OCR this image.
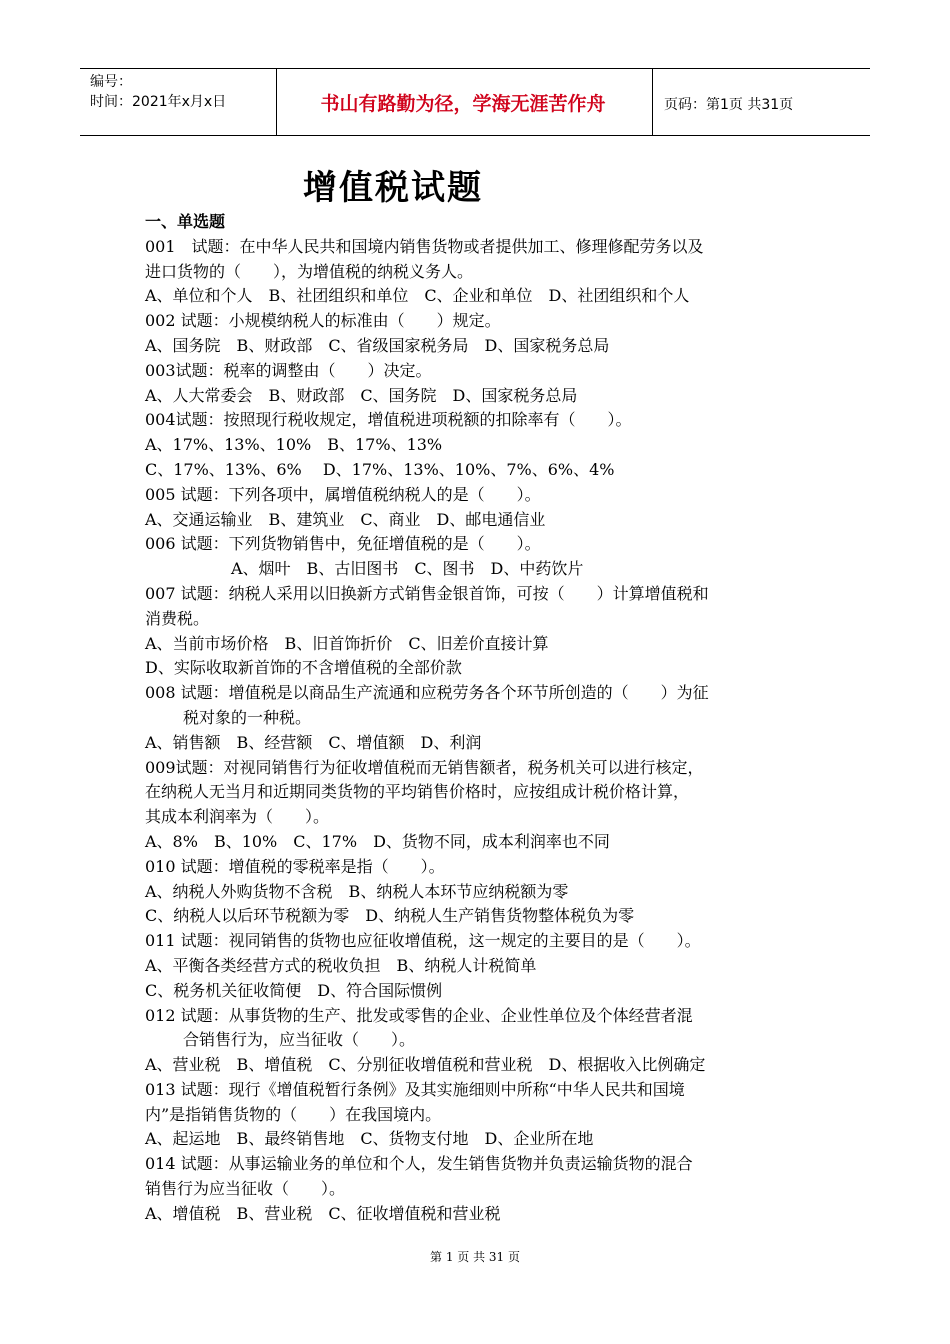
编号：
时间：2021年x月x日	书山有路勤为径，学海无涯苦作舟	页码：第1页 共31页
增值税试题
一、单选题
001　试题：在中华人民共和国境内销售货物或者提供加工、修理修配劳务以及
进口货物的（　　），为增值税的纳税义务人。
A、单位和个人　B、社团组织和单位　C、企业和单位　D、社团组织和个人
002 试题：小规模纳税人的标准由（　　）规定。
A、国务院　B、财政部　C、省级国家税务局　D、国家税务总局
003试题：税率的调整由（　　）决定。
A、人大常委会　B、财政部　C、国务院　D、国家税务总局
004试题：按照现行税收规定，增值税进项税额的扣除率有（　　）。
A、17%、13%、10%　B、17%、13%
C、17%、13%、6%　 D、17%、13%、10%、7%、6%、4%
005 试题：下列各项中，属增值税纳税人的是（　　）。
A、交通运输业　B、建筑业　C、商业　D、邮电通信业
006 试题：下列货物销售中，免征增值税的是（　　）。
A、烟叶　B、古旧图书　C、图书　D、中药饮片
007 试题：纳税人采用以旧换新方式销售金银首饰，可按（　　）计算增值税和
消费税。
A、当前市场价格　B、旧首饰折价　C、旧差价直接计算
D、实际收取新首饰的不含增值税的全部价款
008 试题：增值税是以商品生产流通和应税劳务各个环节所创造的（　　）为征
税对象的一种税。
A、销售额　B、经营额　C、增值额　D、利润
009试题：对视同销售行为征收增值税而无销售额者，税务机关可以进行核定，
在纳税人无当月和近期同类货物的平均销售价格时，应按组成计税价格计算，
其成本利润率为（　　）。
A、8%　B、10%　C、17%　D、货物不同，成本利润率也不同
010 试题：增值税的零税率是指（　　）。
A、纳税人外购货物不含税　B、纳税人本环节应纳税额为零
C、纳税人以后环节税额为零　D、纳税人生产销售货物整体税负为零
011 试题：视同销售的货物也应征收增值税，这一规定的主要目的是（　　）。
A、平衡各类经营方式的税收负担　B、纳税人计税简单
C、税务机关征收简便　D、符合国际惯例
012 试题：从事货物的生产、批发或零售的企业、企业性单位及个体经营者混
合销售行为，应当征收（　　）。
A、营业税　B、增值税　C、分别征收增值税和营业税　D、根据收入比例确定
013 试题：现行《增值税暂行条例》及其实施细则中所称“中华人民共和国境
内”是指销售货物的（　　）在我国境内。
A、起运地　B、最终销售地　C、货物支付地　D、企业所在地
014 试题：从事运输业务的单位和个人，发生销售货物并负责运输货物的混合
销售行为应当征收（　　）。
A、增值税　B、营业税　C、征收增值税和营业税
第 1 页 共 31 页
